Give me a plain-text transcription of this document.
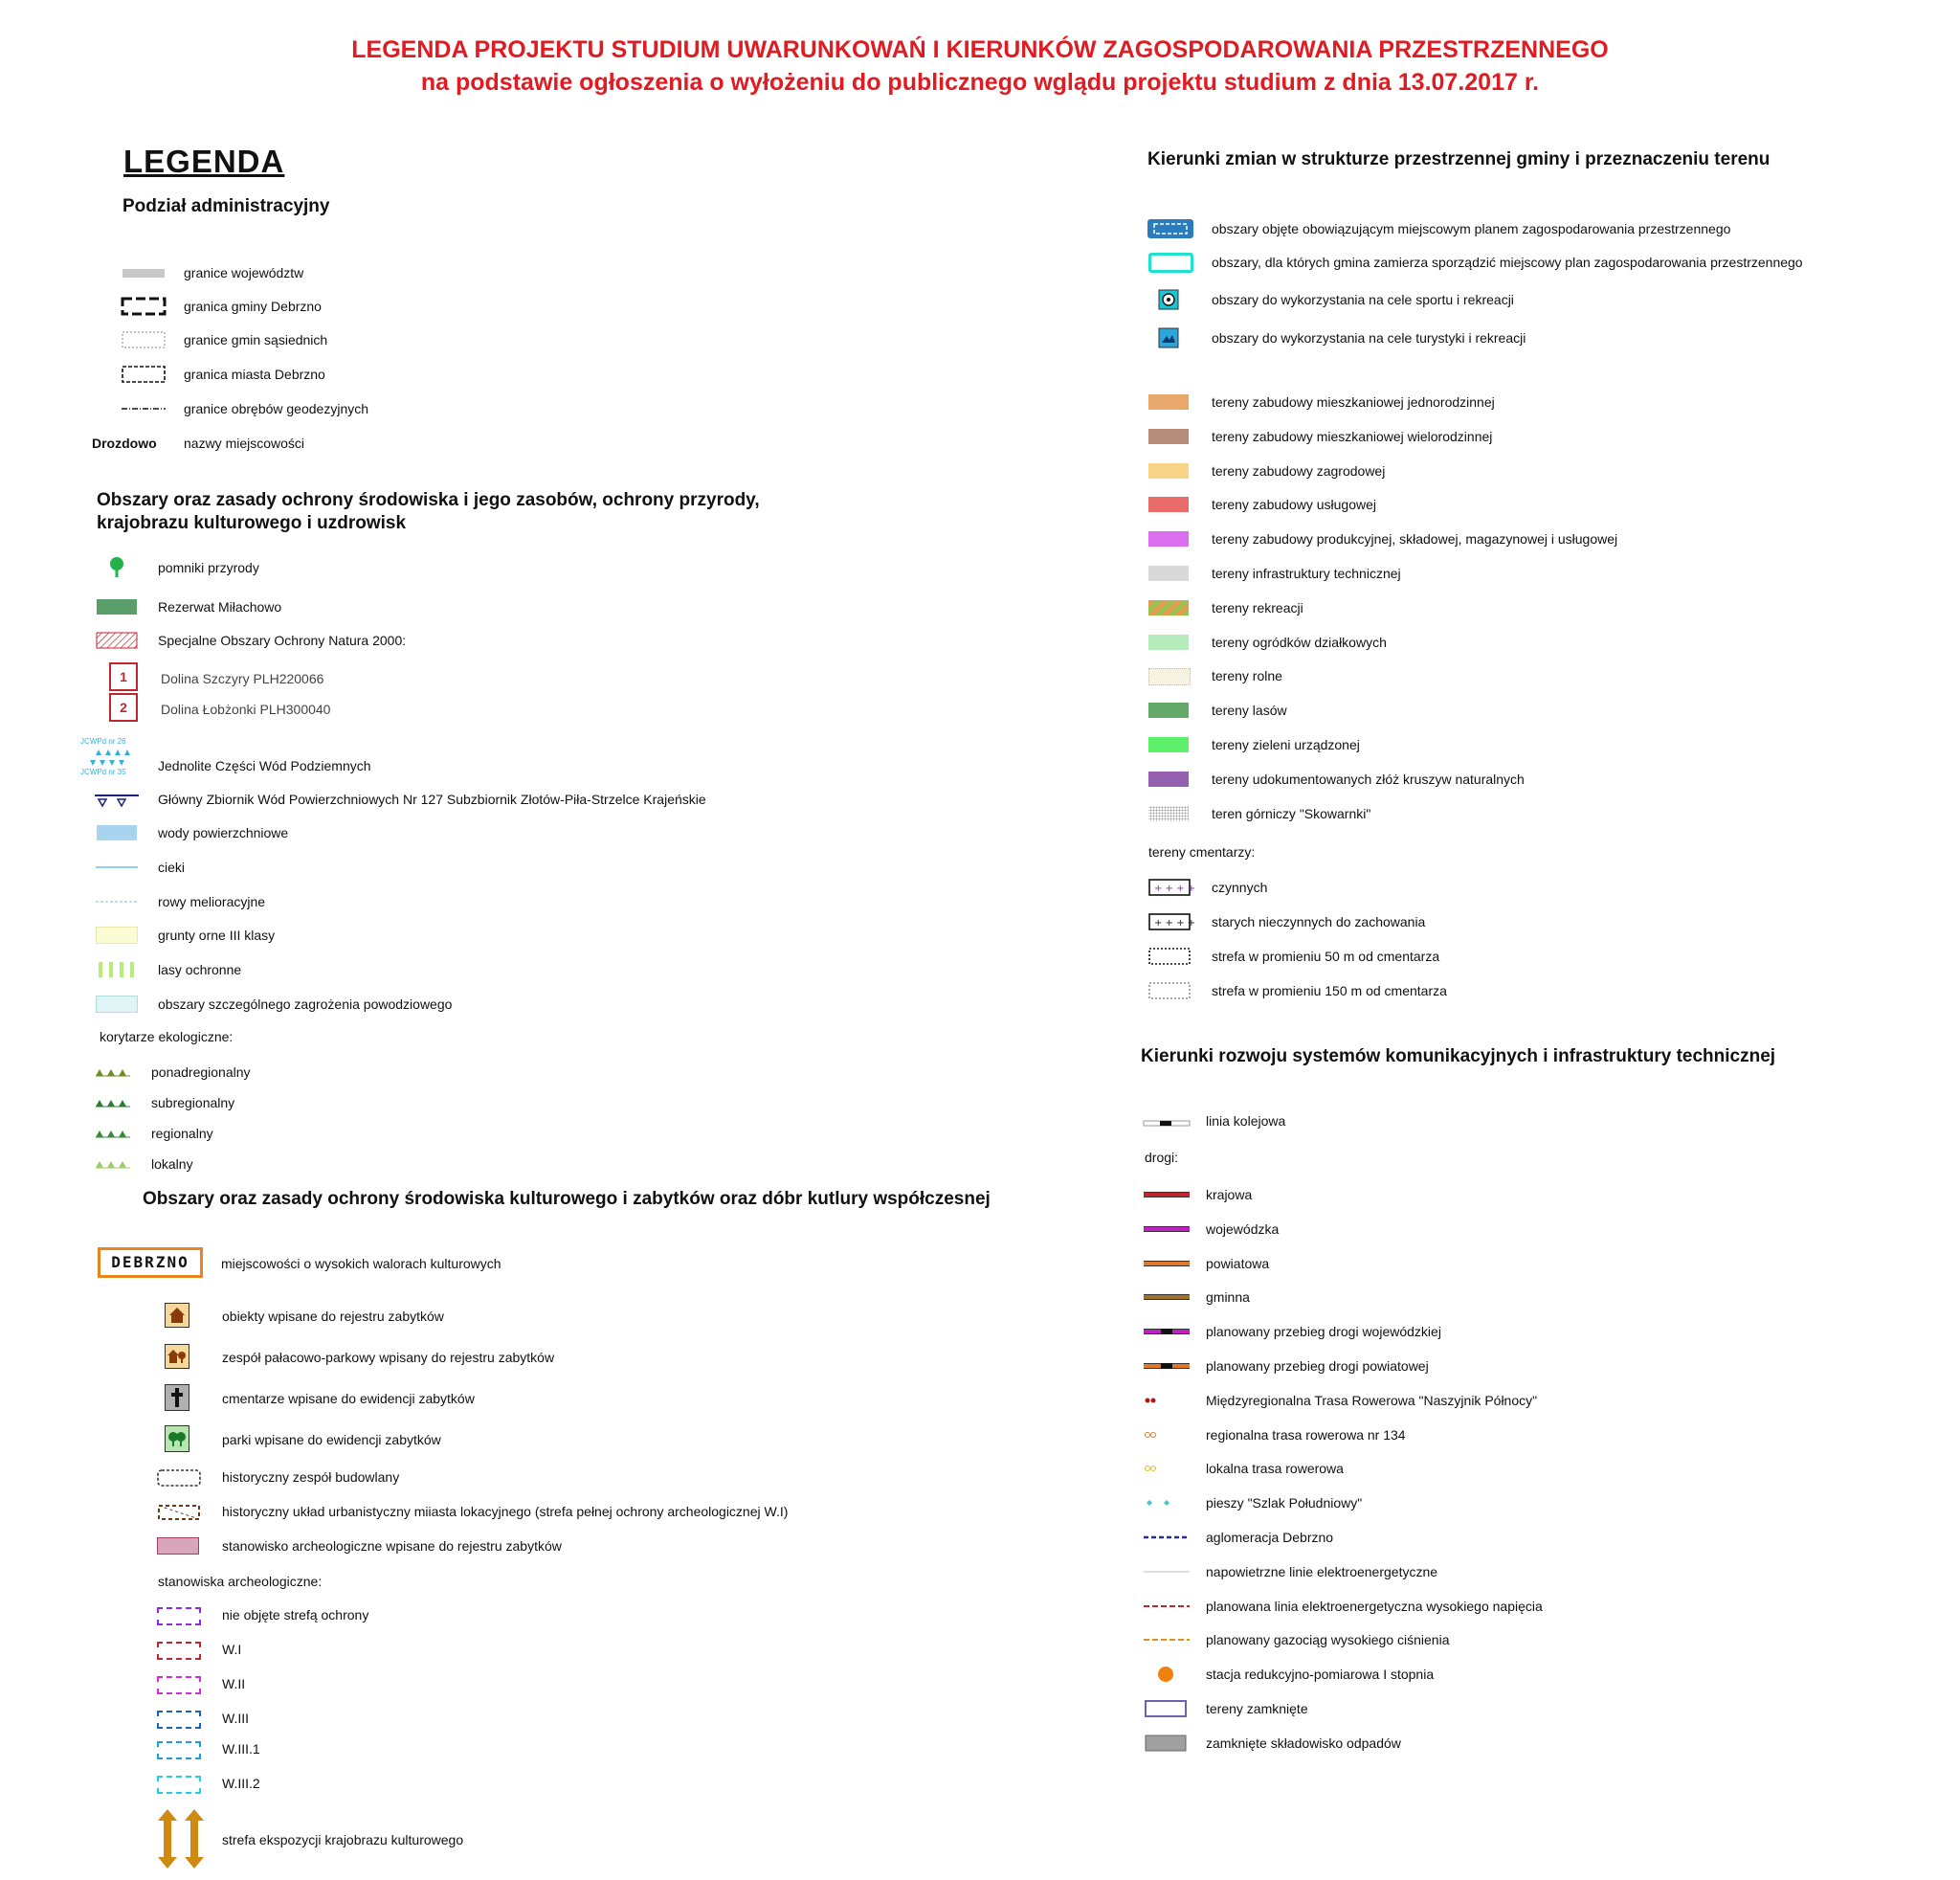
LEGENDA PROJEKTU STUDIUM UWARUNKOWAŃ I KIERUNKÓW ZAGOSPODAROWANIA PRZESTRZENNEGO
na podstawie ogłoszenia o wyłożeniu do publicznego wglądu projektu studium z dnia 13.07.2017 r.
LEGENDA
Podział administracyjny
granice województw
granica gminy Debrzno
granice gmin sąsiednich
granica miasta Debrzno
granice obrębów geodezyjnych
Drozdowo nazwy miejscowości
Obszary oraz zasady ochrony środowiska i jego zasobów, ochrony przyrody,
krajobrazu kulturowego i uzdrowisk
pomniki przyrody
Rezerwat Miłachowo
Specjalne Obszary Ochrony Natura 2000:
1	Dolina Szczyry PLH220066
2	Dolina Łobżonki PLH300040
JCWPd nr 26
JCWPd nr 35 Jednolite Części Wód Podziemnych
Główny Zbiornik Wód Powierzchniowych Nr 127 Subzbiornik Złotów-Piła-Strzelce Krajeńskie
wody powierzchniowe
cieki
rowy melioracyjne
grunty orne III klasy
lasy ochronne
obszary szczególnego zagrożenia powodziowego
korytarze ekologiczne:
ponadregionalny
subregionalny
regionalny
lokalny
Obszary oraz zasady ochrony środowiska kulturowego i zabytków oraz dóbr kutlury współczesnej
DEBRZNO	miejscowości o wysokich walorach kulturowych
obiekty wpisane do rejestru zabytków
zespół pałacowo-parkowy wpisany do rejestru zabytków
cmentarze wpisane do ewidencji zabytków
parki wpisane do ewidencji zabytków
historyczny zespół budowlany
historyczny układ urbanistyczny miiasta lokacyjnego (strefa pełnej ochrony archeologicznej W.I)
stanowisko archeologiczne wpisane do rejestru zabytków
stanowiska archeologiczne:
nie objęte strefą ochrony
W.I
W.II
W.III
W.III.1
W.III.2
strefa ekspozycji krajobrazu kulturowego
Kierunki zmian w strukturze przestrzennej gminy i przeznaczeniu terenu
obszary objęte obowiązującym miejscowym planem zagospodarowania przestrzennego
obszary, dla których gmina zamierza sporządzić miejscowy plan zagospodarowania przestrzennego
obszary do wykorzystania na cele sportu i rekreacji
obszary do wykorzystania na cele turystyki i rekreacji
tereny zabudowy mieszkaniowej jednorodzinnej
tereny zabudowy mieszkaniowej wielorodzinnej
tereny zabudowy zagrodowej
tereny zabudowy usługowej
tereny zabudowy produkcyjnej, składowej, magazynowej i usługowej
tereny infrastruktury technicznej
tereny rekreacji
tereny ogródków działkowych
tereny rolne
tereny lasów
tereny zieleni urządzonej
tereny udokumentowanych złóż kruszyw naturalnych
teren górniczy "Skowarnki"
tereny cmentarzy:
+ + + + czynnych
+ + + + starych nieczynnych do zachowania
strefa w promieniu 50 m od cmentarza
strefa w promieniu 150 m od cmentarza
Kierunki rozwoju systemów komunikacyjnych i infrastruktury technicznej
linia kolejowa
drogi:
krajowa
wojewódzka
powiatowa
gminna
planowany przebieg drogi wojewódzkiej
planowany przebieg drogi powiatowej
Międzyregionalna Trasa Rowerowa "Naszyjnik Północy"
regionalna trasa rowerowa nr 134
lokalna trasa rowerowa
pieszy "Szlak Południowy"
aglomeracja Debrzno
napowietrzne linie elektroenergetyczne
planowana linia elektroenergetyczna wysokiego napięcia
planowany gazociąg wysokiego ciśnienia
stacja redukcyjno-pomiarowa I stopnia
tereny zamknięte
zamknięte składowisko odpadów
